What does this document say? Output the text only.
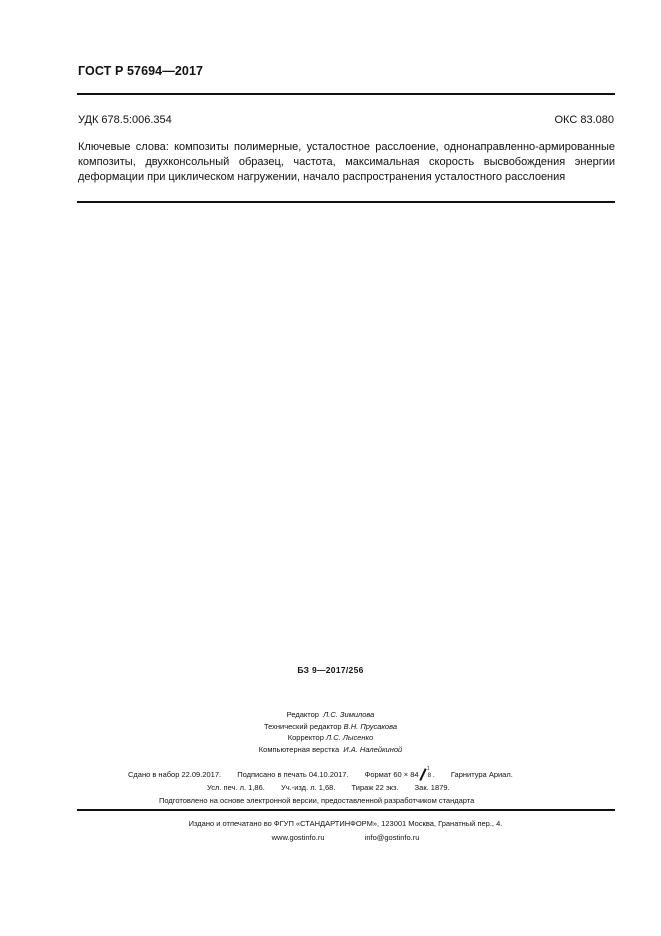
ГОСТ Р 57694—2017
УДК 678.5:006.354	ОКС 83.080
Ключевые слова: композиты полимерные, усталостное расслоение, однонаправленно-армированные композиты, двухконсольный образец, частота, максимальная скорость высвобождения энергии деформации при циклическом нагружении, начало распространения усталостного расслоения
БЗ 9—2017/256
Редактор Л.С. Зимилова
Технический редактор В.Н. Прусакова
Корректор Л.С. Лысенко
Компьютерная верстка И.А. Налейкиной
Сдано в набор 22.09.2017. Подписано в печать 04.10.2017. Формат 60 × 84
1
8 . Гарнитура Ариал.
Усл. печ. л. 1,86. Уч.-изд. л. 1,68. Тираж 22 экз. Зак. 1879.
Подготовлено на основе электронной версии, предоставленной разработчиком стандарта
Издано и отпечатано во ФГУП «СТАНДАРТИНФОРМ», 123001 Москва, Гранатный пер., 4.
www.gostinfo.ru	info@gostinfo.ru
